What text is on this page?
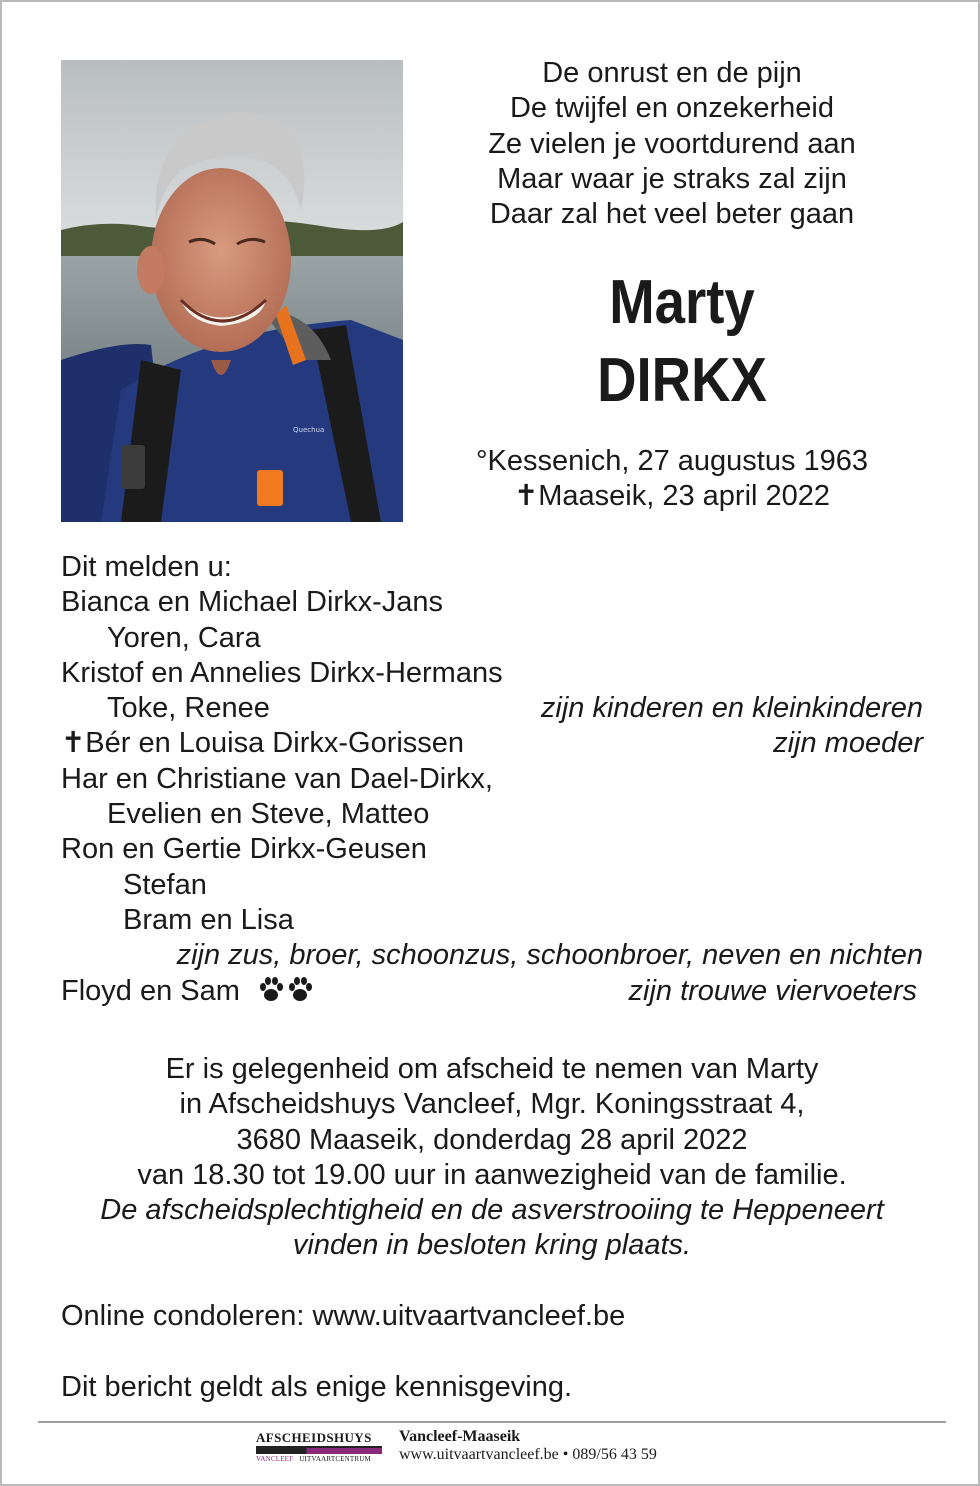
Quechua
De onrust en de pijn
De twijfel en onzekerheid
Ze vielen je voortdurend aan
Maar waar je straks zal zijn
Daar zal het veel beter gaan
Marty
DIRKX
°Kessenich, 27 augustus 1963
✝Maaseik, 23 april 2022
Dit melden u:
Bianca en Michael Dirkx-Jans
Yoren, Cara
Kristof en Annelies Dirkx-Hermans
Toke, Renee	zijn kinderen en kleinkinderen
✝Bér en Louisa Dirkx-Gorissen	zijn moeder
Har en Christiane van Dael-Dirkx,
Evelien en Steve, Matteo
Ron en Gertie Dirkx-Geusen
Stefan
Bram en Lisa
zijn zus, broer, schoonzus, schoonbroer, neven en nichten
Floyd en Sam	zijn trouwe viervoeters
Er is gelegenheid om afscheid te nemen van Marty
in Afscheidshuys Vancleef, Mgr. Koningsstraat 4,
3680 Maaseik, donderdag 28 april 2022
van 18.30 tot 19.00 uur in aanwezigheid van de familie.
De afscheidsplechtigheid en de asverstrooiing te Heppeneert
vinden in besloten kring plaats.
Online condoleren: www.uitvaartvancleef.be
Dit bericht geldt als enige kennisgeving.
AFSCHEIDSHUYS
VANCLEEF UITVAARTCENTRUM
Vancleef-Maaseik
www.uitvaartvancleef.be • 089/56 43 59
